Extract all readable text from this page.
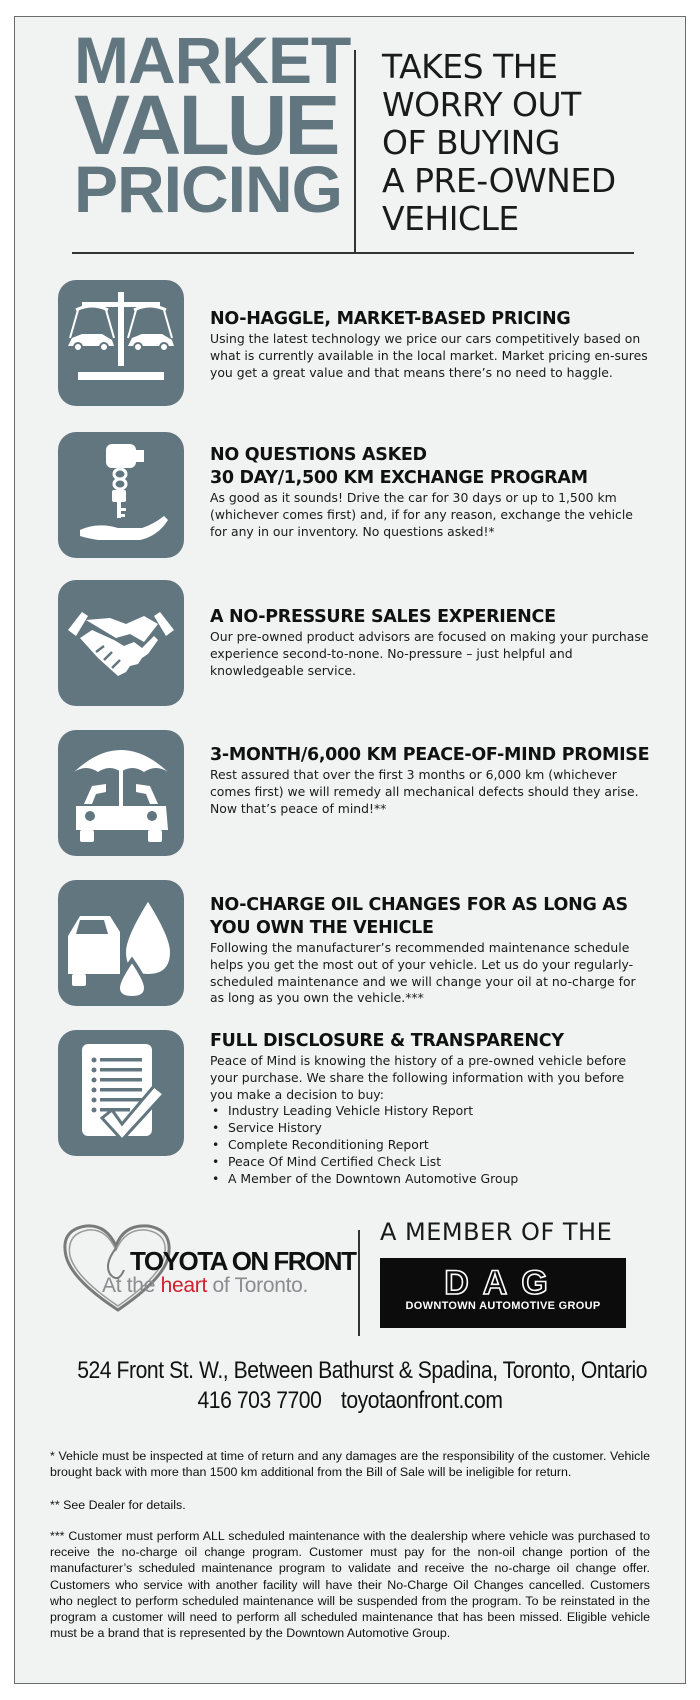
MARKET
VALUE
PRICING
TAKES THE
WORRY OUT
OF BUYING
A PRE-OWNED
VEHICLE
NO-HAGGLE, MARKET-BASED PRICING
Using the latest technology we price our cars competitively based on what is currently available in the local market. Market pricing en-sures you get a great value and that means there’s no need to haggle.
NO QUESTIONS ASKED
30 DAY/1,500 KM EXCHANGE PROGRAM
As good as it sounds! Drive the car for 30 days or up to 1,500 km (whichever comes first) and, if for any reason, exchange the vehicle for any in our inventory. No questions asked!*
A NO-PRESSURE SALES EXPERIENCE
Our pre-owned product advisors are focused on making your purchase experience second-to-none. No-pressure – just helpful and knowledgeable service.
3-MONTH/6,000 KM PEACE-OF-MIND PROMISE
Rest assured that over the first 3 months or 6,000 km (whichever comes first) we will remedy all mechanical defects should they arise. Now that’s peace of mind!**
NO-CHARGE OIL CHANGES FOR AS LONG AS
YOU OWN THE VEHICLE
Following the manufacturer’s recommended maintenance schedule helps you get the most out of your vehicle. Let us do your regularly-scheduled maintenance and we will change your oil at no-charge for as long as you own the vehicle.***
FULL DISCLOSURE & TRANSPARENCY
Peace of Mind is knowing the history of a pre-owned vehicle before your purchase. We share the following information with you before you make a decision to buy:
• Industry Leading Vehicle History Report
• Service History
• Complete Reconditioning Report
• Peace Of Mind Certified Check List
• A Member of the Downtown Automotive Group
TOYOTA ON FRONT
At the heart of Toronto.
A MEMBER OF THE
DAG
DOWNTOWN AUTOMOTIVE GROUP
524 Front St. W., Between Bathurst & Spadina, Toronto, Ontario
416 703 7700 toyotaonfront.com

* Vehicle must be inspected at time of return and any damages are the responsibility of the customer. Vehicle brought back with more than 1500 km additional from the Bill of Sale will be ineligible for return.

** See Dealer for details.

*** Customer must perform ALL scheduled maintenance with the dealership where vehicle was purchased to receive the no-charge oil change program. Customer must pay for the non-oil change portion of the manufacturer’s scheduled maintenance program to validate and receive the no-charge oil change offer. Customers who service with another facility will have their No-Charge Oil Changes cancelled. Customers who neglect to perform scheduled maintenance will be suspended from the program. To be reinstated in the program a customer will need to perform all scheduled maintenance that has been missed. Eligible vehicle must be a brand that is represented by the Downtown Automotive Group.
